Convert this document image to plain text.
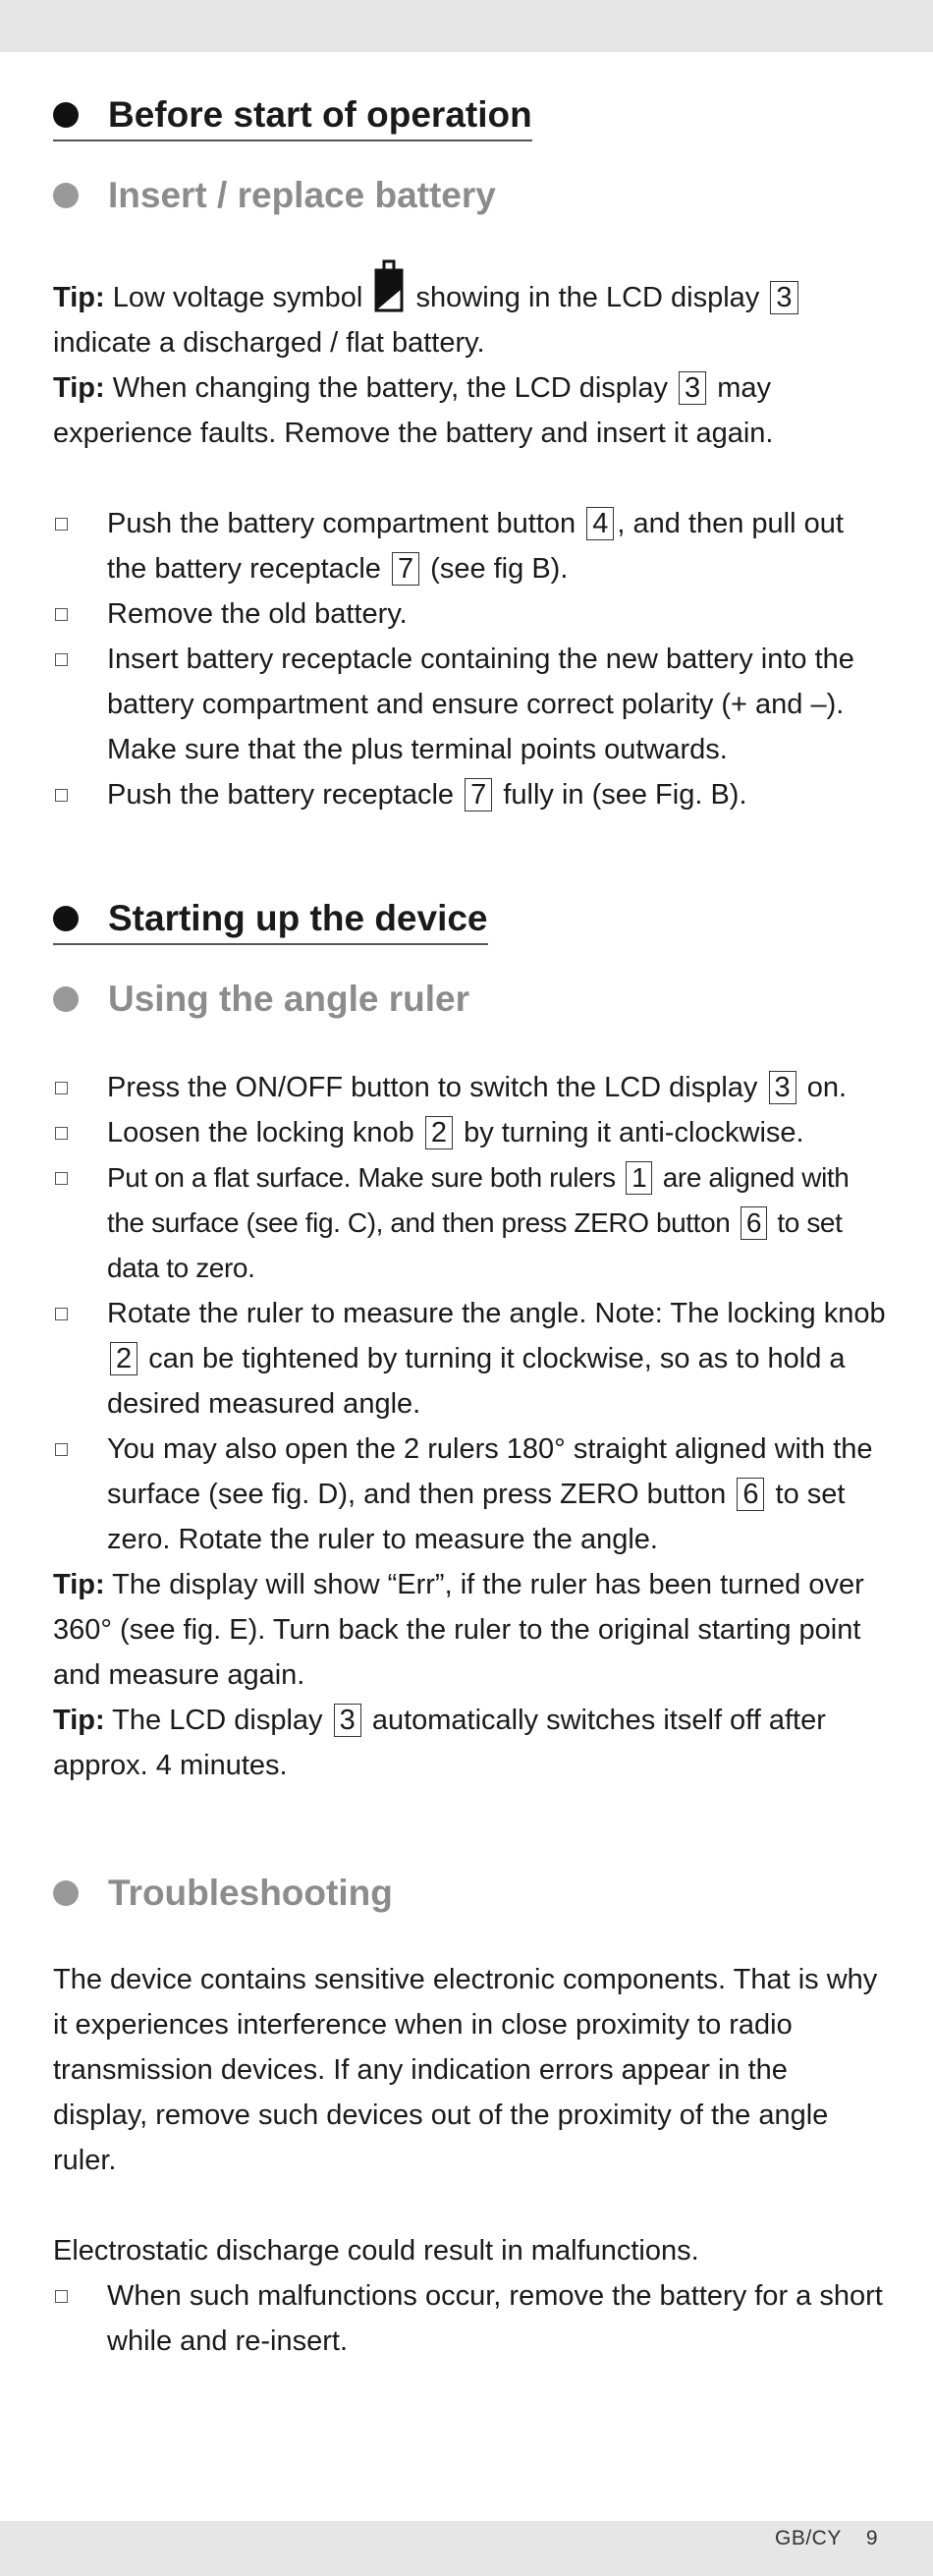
Before start of operation
Insert / replace battery

Tip: Low voltage symbol showing in the LCD display 3 indicate a discharged / flat battery.

Tip: When changing the battery, the LCD display 3 may experience faults. Remove the battery and insert it again.

Push the battery compartment button 4 , and then pull out the battery receptacle 7 (see fig B).
Remove the old battery.
Insert battery receptacle containing the new battery into the battery compartment and ensure correct polarity (+ and –). Make sure that the plus terminal points outwards.
Push the battery receptacle 7 fully in (see Fig. B).
Starting up the device
Using the angle ruler
Press the ON/OFF button to switch the LCD display 3 on.
Loosen the locking knob 2 by turning it anti-clockwise.
Put on a flat surface. Make sure both rulers 1 are aligned with the surface (see fig. C), and then press ZERO button 6 to set data to zero.
Rotate the ruler to measure the angle. Note: The locking knob 2 can be tightened by turning it clockwise, so as to hold a desired measured angle.
You may also open the 2 rulers 180° straight aligned with the surface (see fig. D), and then press ZERO button 6 to set zero. Rotate the ruler to measure the angle.

Tip: The display will show “Err”, if the ruler has been turned over 360° (see fig. E). Turn back the ruler to the original starting point and measure again.

Tip: The LCD display 3 automatically switches itself off after approx. 4 minutes.

Troubleshooting

The device contains sensitive electronic components. That is why it experiences interference when in close proximity to radio transmission devices. If any indication errors appear in the display, remove such devices out of the proximity of the angle ruler.

Electrostatic discharge could result in malfunctions.

When such malfunctions occur, remove the battery for a short while and re-insert.
GB/CY 9
